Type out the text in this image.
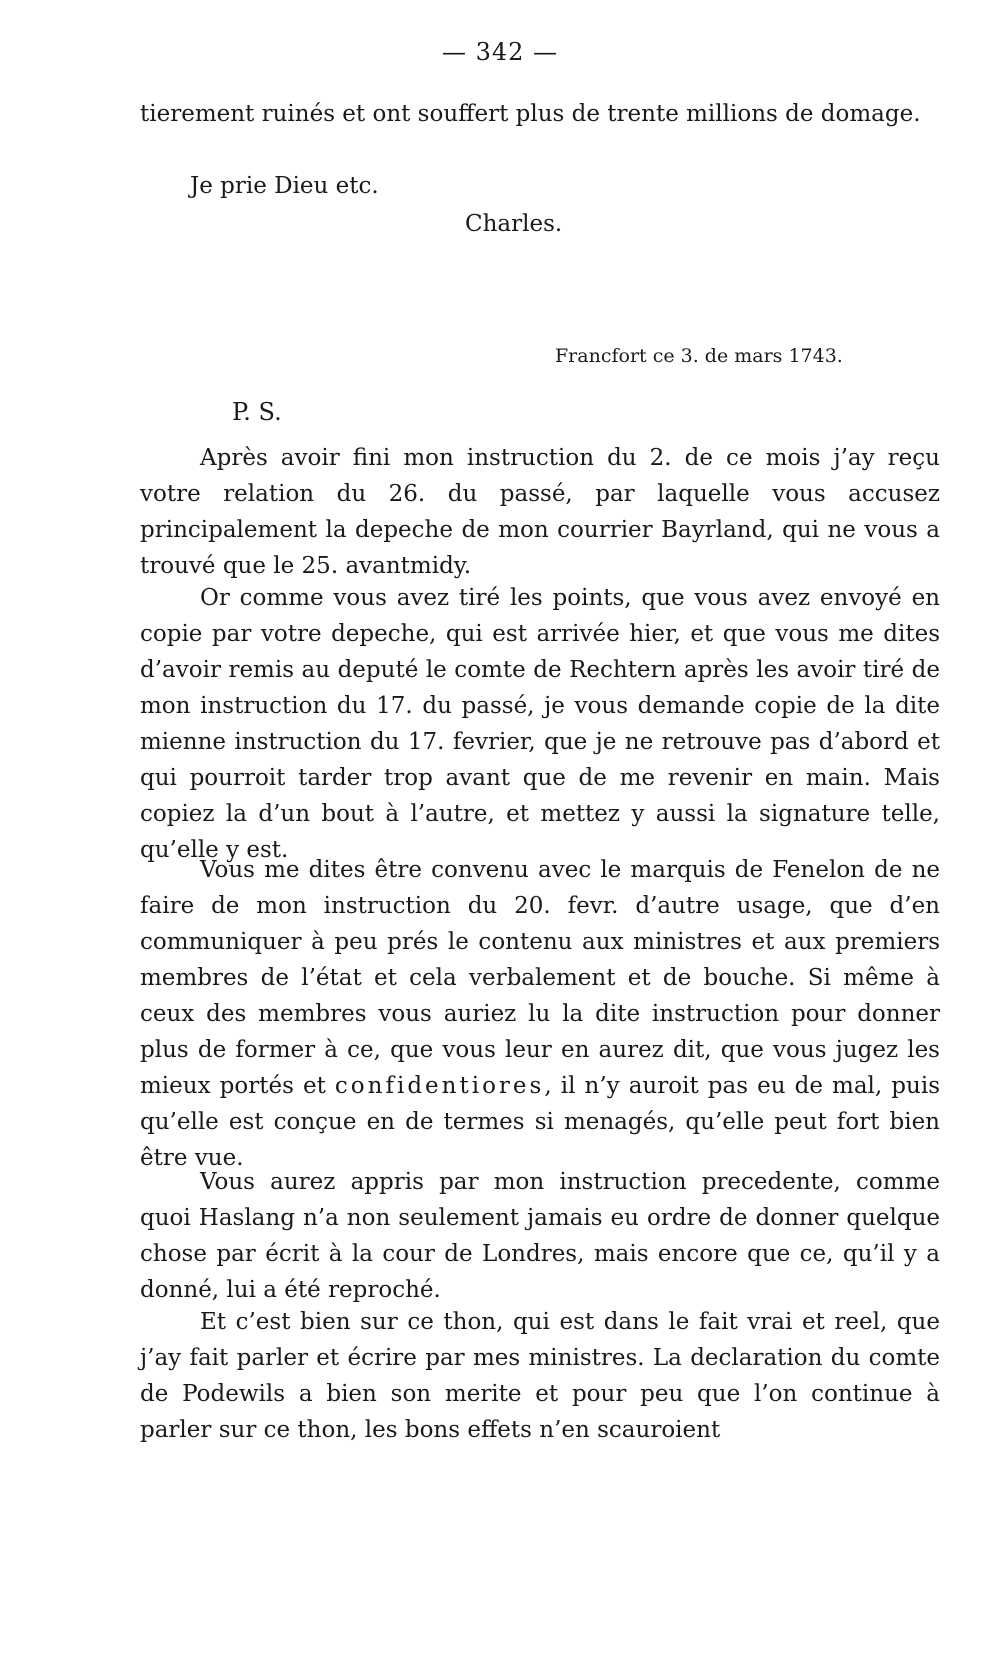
— 342 —

tierement ruinés et ont souffert plus de trente millions de domage.

Je prie Dieu etc.
Charles.
Francfort ce 3. de mars 1743.
P. S.

Après avoir fini mon instruction du 2. de ce mois j’ay reçu votre relation du 26. du passé, par laquelle vous accusez principalement la depeche de mon courrier Bayrland, qui ne vous a trouvé que le 25. avantmidy.

Or comme vous avez tiré les points, que vous avez envoyé en copie par votre depeche, qui est arrivée hier, et que vous me dites d’avoir remis au deputé le comte de Rechtern après les avoir tiré de mon instruction du 17. du passé, je vous demande copie de la dite mienne instruction du 17. fevrier, que je ne retrouve pas d’abord et qui pourroit tarder trop avant que de me revenir en main. Mais copiez la d’un bout à l’autre, et mettez y aussi la signature telle, qu’elle y est.

Vous me dites être convenu avec le marquis de Fenelon de ne faire de mon instruction du 20. fevr. d’autre usage, que d’en communiquer à peu prés le contenu aux ministres et aux premiers membres de l’état et cela verbalement et de bouche. Si même à ceux des membres vous auriez lu la dite instruction pour donner plus de former à ce, que vous leur en aurez dit, que vous jugez les mieux portés et confidentiores, il n’y auroit pas eu de mal, puis qu’elle est conçue en de termes si menagés, qu’elle peut fort bien être vue.

Vous aurez appris par mon instruction precedente, comme quoi Haslang n’a non seulement jamais eu ordre de donner quelque chose par écrit à la cour de Londres, mais encore que ce, qu’il y a donné, lui a été reproché.

Et c’est bien sur ce thon, qui est dans le fait vrai et reel, que j’ay fait parler et écrire par mes ministres. La declaration du comte de Podewils a bien son merite et pour peu que l’on continue à parler sur ce thon, les bons effets n’en scauroient
